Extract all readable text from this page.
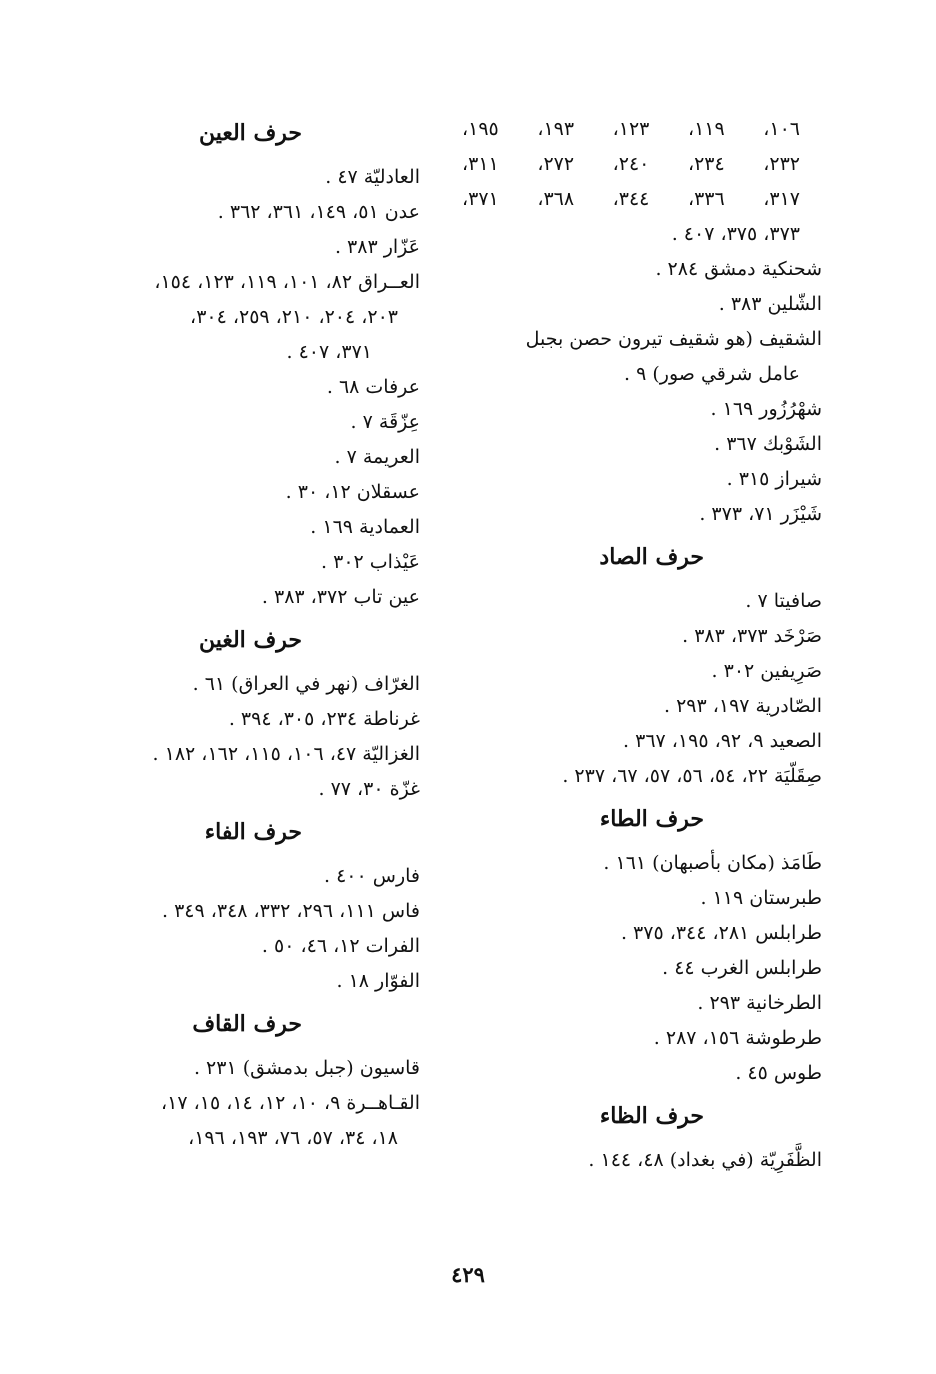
١٠٦، ١١٩، ١٢٣، ١٩٣، ١٩٥،
٢٣٢، ٢٣٤، ٢٤٠، ٢٧٢، ٣١١،
٣١٧، ٣٣٦، ٣٤٤، ٣٦٨، ٣٧١،
٣٧٣، ٣٧٥، ٤٠٧ .
شحنكية دمشق ٢٨٤ .
الشّلين ٣٨٣ .
الشقيف (هو شقيف تيرون حصن بجبل
عامل شرقي صور) ٩ .
شهْرُزُور ١٦٩ .
الشَوْبك ٣٦٧ .
شيراز ٣١٥ .
شَيْزَر ٧١، ٣٧٣ .
حرف الصاد
صافيتا ٧ .
صَرْخَد ٣٧٣، ٣٨٣ .
صَرِيفين ٣٠٢ .
الصّادرية ١٩٧، ٢٩٣ .
الصعيد ٩، ٩٢، ١٩٥، ٣٦٧ .
صِقَلّيَة ٢٢، ٥٤، ٥٦، ٥٧، ٦٧، ٢٣٧ .
حرف الطاء
طَامَذ (مكان بأصبهان) ١٦١ .
طبرستان ١١٩ .
طرابلس ٢٨١، ٣٤٤، ٣٧٥ .
طرابلس الغرب ٤٤ .
الطرخانية ٢٩٣ .
طرطوشة ١٥٦، ٢٨٧ .
طوس ٤٥ .
حرف الظاء
الظَّفَرِيّة (في بغداد) ٤٨، ١٤٤ .
حرف العين
العادليّة ٤٧ .
عدن ٥١، ١٤٩، ٣٦١، ٣٦٢ .
عَزّار ٣٨٣ .
العــراق ٨٢، ١٠١، ١١٩، ١٢٣، ١٥٤،
٢٠٣، ٢٠٤، ٢١٠، ٢٥٩، ٣٠٤،
٣٧١، ٤٠٧ .
عرفات ٦٨ .
عِزّقَة ٧ .
العريمة ٧ .
عسقلان ١٢، ٣٠ .
العمادية ١٦٩ .
عَيْذاب ٣٠٢ .
عين تاب ٣٧٢، ٣٨٣ .
حرف الغين
الغرّاف (نهر في العراق) ٦١ .
غرناطة ٢٣٤، ٣٠٥، ٣٩٤ .
الغزاليّة ٤٧، ١٠٦، ١١٥، ١٦٢، ١٨٢ .
غزّة ٣٠، ٧٧ .
حرف الفاء
فارس ٤٠٠ .
فاس ١١١، ٢٩٦، ٣٣٢، ٣٤٨، ٣٤٩ .
الفرات ١٢، ٤٦، ٥٠ .
الفوّار ١٨ .
حرف القاف
قاسيون (جبل بدمشق) ٢٣١ .
القـاهــرة ٩، ١٠، ١٢، ١٤، ١٥، ١٧،
١٨، ٣٤، ٥٧، ٧٦، ١٩٣، ١٩٦،
٤٢٩
